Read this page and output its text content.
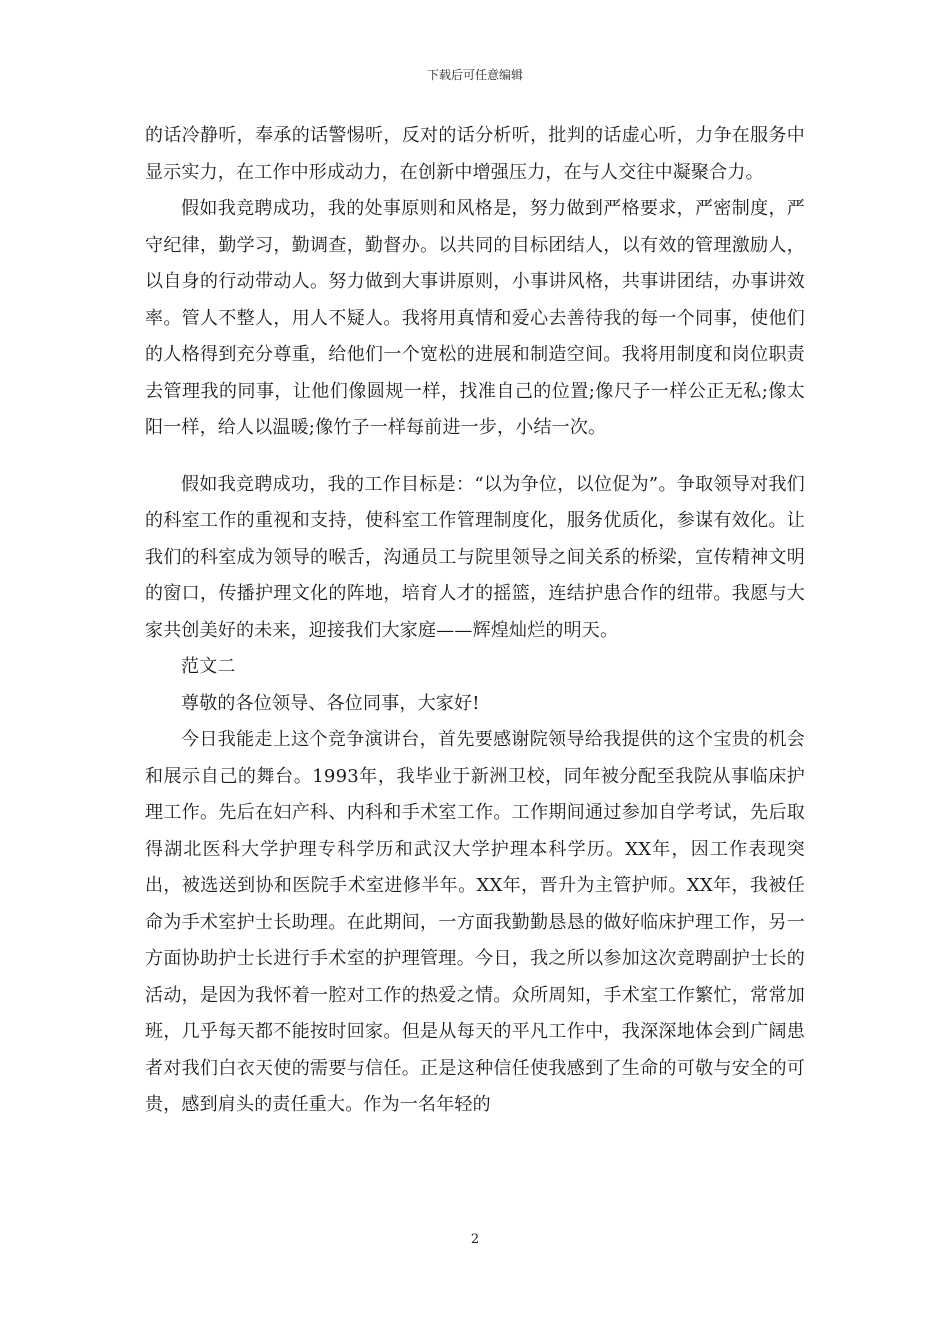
下载后可任意编辑

的话冷静听，奉承的话警惕听，反对的话分析听，批判的话虚心听，力争在服务中显示实力，在工作中形成动力，在创新中增强压力，在与人交往中凝聚合力。

假如我竞聘成功，我的处事原则和风格是，努力做到严格要求，严密制度，严守纪律，勤学习，勤调查，勤督办。以共同的目标团结人，以有效的管理激励人，以自身的行动带动人。努力做到大事讲原则，小事讲风格，共事讲团结，办事讲效率。管人不整人，用人不疑人。我将用真情和爱心去善待我的每一个同事，使他们的人格得到充分尊重，给他们一个宽松的进展和制造空间。我将用制度和岗位职责去管理我的同事，让他们像圆规一样，找准自己的位置;像尺子一样公正无私;像太阳一样，给人以温暖;像竹子一样每前进一步，小结一次。

假如我竞聘成功，我的工作目标是：“以为争位，以位促为”。争取领导对我们的科室工作的重视和支持，使科室工作管理制度化，服务优质化，参谋有效化。让我们的科室成为领导的喉舌，沟通员工与院里领导之间关系的桥梁，宣传精神文明的窗口，传播护理文化的阵地，培育人才的摇篮，连结护患合作的纽带。我愿与大家共创美好的未来，迎接我们大家庭——辉煌灿烂的明天。

范文二

尊敬的各位领导、各位同事，大家好!

今日我能走上这个竞争演讲台，首先要感谢院领导给我提供的这个宝贵的机会和展示自己的舞台。1993年，我毕业于新洲卫校，同年被分配至我院从事临床护理工作。先后在妇产科、内科和手术室工作。工作期间通过参加自学考试，先后取得湖北医科大学护理专科学历和武汉大学护理本科学历。XX年，因工作表现突出，被选送到协和医院手术室进修半年。XX年，晋升为主管护师。XX年，我被任命为手术室护士长助理。在此期间，一方面我勤勤恳恳的做好临床护理工作，另一方面协助护士长进行手术室的护理管理。今日，我之所以参加这次竞聘副护士长的活动，是因为我怀着一腔对工作的热爱之情。众所周知，手术室工作繁忙，常常加班，几乎每天都不能按时回家。但是从每天的平凡工作中，我深深地体会到广阔患者对我们白衣天使的需要与信任。正是这种信任使我感到了生命的可敬与安全的可贵，感到肩头的责任重大。作为一名年轻的

2
